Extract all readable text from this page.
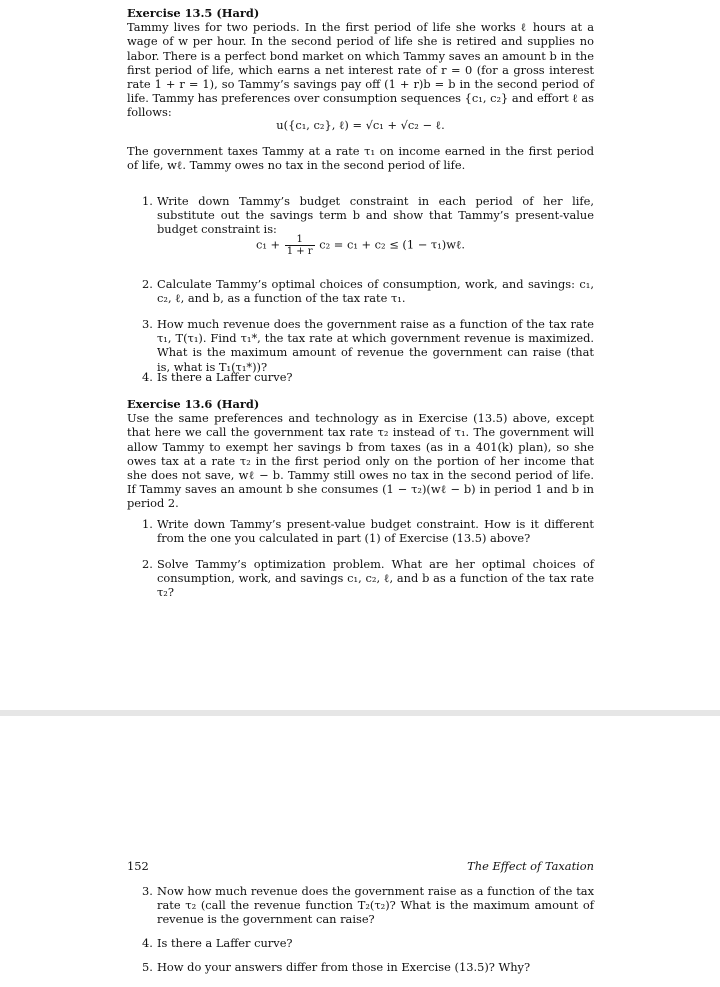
Exercise 13.5 (Hard)
Tammy lives for two periods. In the first period of life she works ℓ hours at a wage of w per hour. In the second period of life she is retired and supplies no labor. There is a perfect bond market on which Tammy saves an amount b in the first period of life, which earns a net interest rate of r = 0 (for a gross interest rate 1 + r = 1), so Tammy’s savings pay off (1 + r)b = b in the second period of life. Tammy has preferences over consumption sequences {c₁, c₂} and effort ℓ as follows:
u({c₁, c₂}, ℓ) = √c₁ + √c₂ − ℓ.
The government taxes Tammy at a rate τ₁ on income earned in the first period of life, wℓ. Tammy owes no tax in the second period of life.
1. Write down Tammy’s budget constraint in each period of her life, substitute out the savings term b and show that Tammy’s present-value budget constraint is:
$c_1 + \frac{1}{1 + r} c_2 = c_1 + c_2 \le (1$ − τ₁)wℓ.
2. Calculate Tammy’s optimal choices of consumption, work, and savings: c₁, c₂, ℓ, and b, as a function of the tax rate τ₁.
3. How much revenue does the government raise as a function of the tax rate τ₁, T(τ₁). Find τ₁*, the tax rate at which government revenue is maximized. What is the maximum amount of revenue the government can raise (that is, what is T₁(τ₁*))?
4. Is there a Laffer curve?
Exercise 13.6 (Hard)
Use the same preferences and technology as in Exercise (13.5) above, except that here we call the government tax rate τ₂ instead of τ₁. The government will allow Tammy to exempt her savings b from taxes (as in a 401(k) plan), so she owes tax at a rate τ₂ in the first period only on the portion of her income that she does not save, wℓ − b. Tammy still owes no tax in the second period of life. If Tammy saves an amount b she consumes (1 − τ₂)(wℓ − b) in period 1 and b in period 2.
1. Write down Tammy’s present-value budget constraint. How is it different from the one you calculated in part (1) of Exercise (13.5) above?
2. Solve Tammy’s optimization problem. What are her optimal choices of consumption, work, and savings c₁, c₂, ℓ, and b as a function of the tax rate τ₂?
152	The Effect of Taxation
3. Now how much revenue does the government raise as a function of the tax rate τ₂ (call the revenue function T₂(τ₂)? What is the maximum amount of revenue is the government can raise?
4. Is there a Laffer curve?
5. How do your answers differ from those in Exercise (13.5)? Why?
